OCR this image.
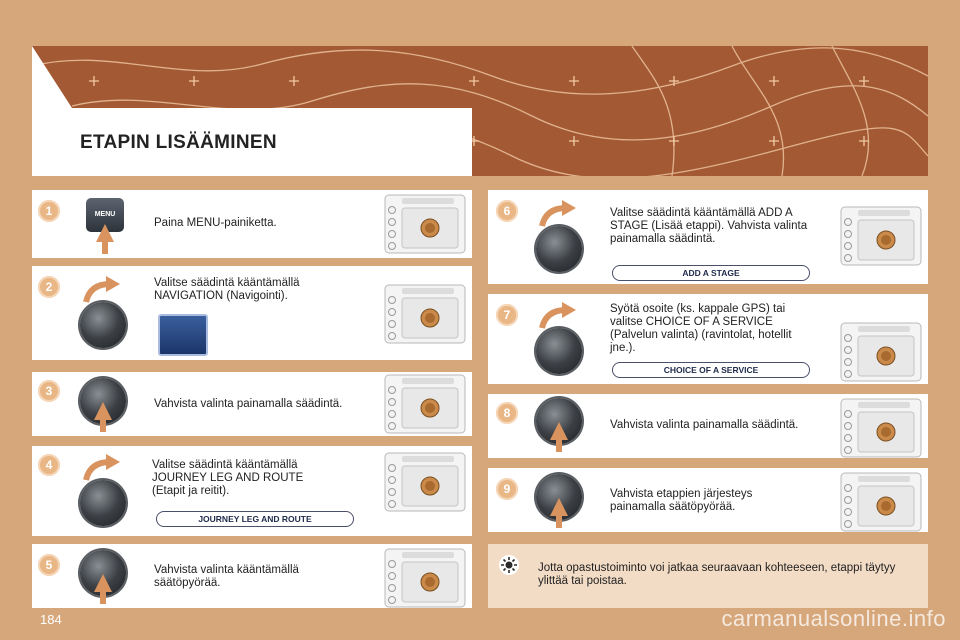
ETAPIN LISÄÄMINEN
1	MENU
Paina MENU-painiketta.
2	Valitse säädintä kääntämällä NAVIGATION (Navigointi).
3
Vahvista valinta painamalla säädintä.
4	Valitse säädintä kääntämällä JOURNEY LEG AND ROUTE (Etapit ja reitit).
JOURNEY LEG AND ROUTE
5	Vahvista valinta kääntämällä säätöpyörää.
6	Valitse säädintä kääntämällä ADD A STAGE (Lisää etappi). Vahvista valinta painamalla säädintä.
ADD A STAGE
7	Syötä osoite (ks. kappale GPS) tai valitse CHOICE OF A SERVICE (Palvelun valinta) (ravintolat, hotellit jne.).
CHOICE OF A SERVICE
8
Vahvista valinta painamalla säädintä.
9	Vahvista etappien järjesteys painamalla säätöpyörää.
Jotta opastustoiminto voi jatkaa seuraavaan kohteeseen, etappi täytyy ylittää tai poistaa.
184	carmanualsonline.info
